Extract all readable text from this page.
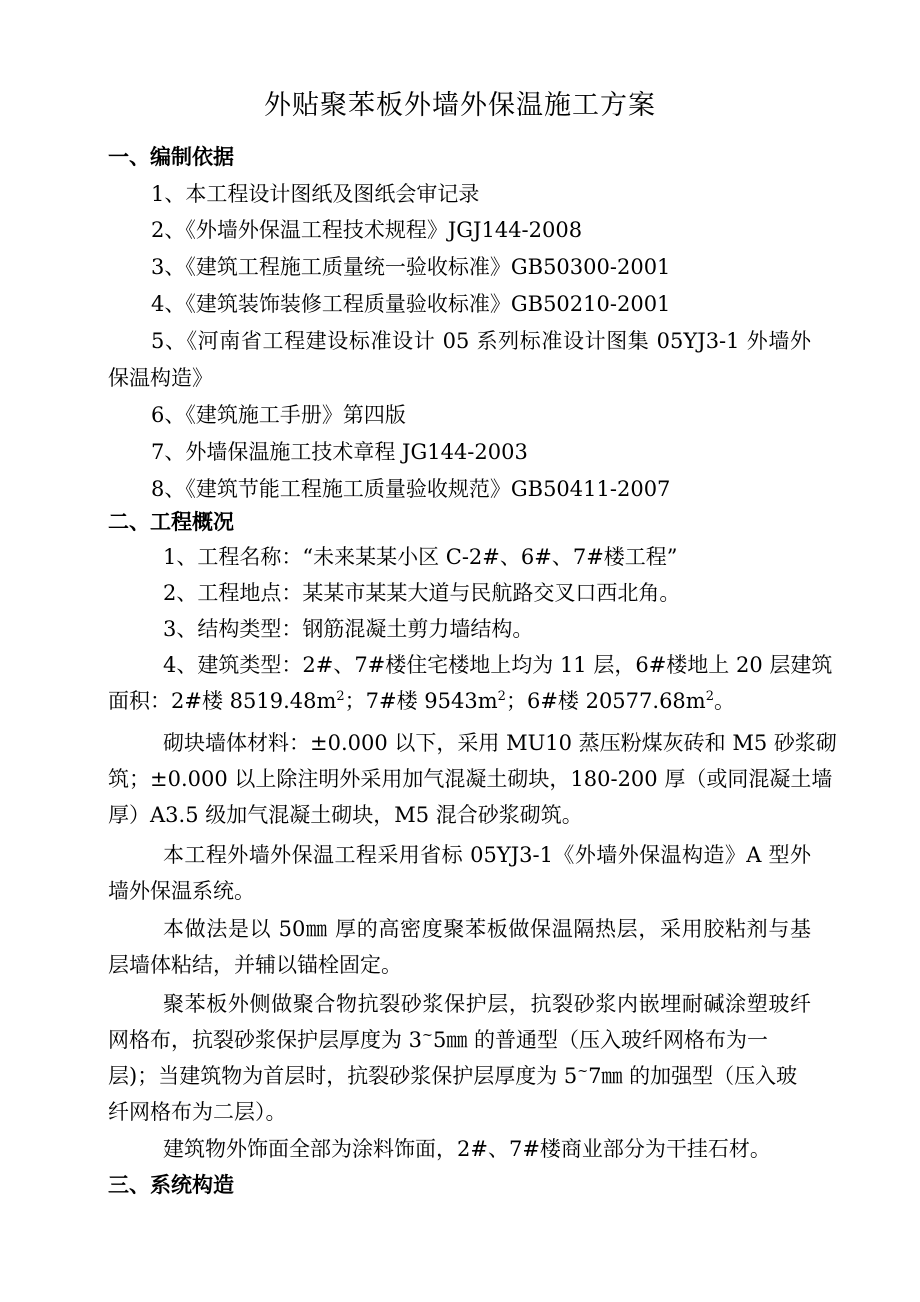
外贴聚苯板外墙外保温施工方案
一、编制依据
1、本工程设计图纸及图纸会审记录
2、《外墙外保温工程技术规程》JGJ144-2008
3、《建筑工程施工质量统一验收标准》GB50300-2001
4、《建筑装饰装修工程质量验收标准》GB50210-2001
5、《河南省工程建设标准设计 05 系列标准设计图集 05YJ3-1 外墙外
保温构造》
6、《建筑施工手册》第四版
7、外墙保温施工技术章程 JG144-2003
8、《建筑节能工程施工质量验收规范》GB50411-2007
二、工程概况
1、工程名称：“未来某某小区 C-2#、6#、7#楼工程”
2、工程地点：某某市某某大道与民航路交叉口西北角。
3、结构类型：钢筋混凝土剪力墙结构。
4、建筑类型：2#、7#楼住宅楼地上均为 11 层，6#楼地上 20 层建筑
面积：2#楼 $8519.48m^2$；7#楼 $9543m^2$；6#楼 $20577.68m^2$。
砌块墙体材料：±0.000 以下，采用 MU10 蒸压粉煤灰砖和 M5 砂浆砌
筑；±0.000 以上除注明外采用加气混凝土砌块，180-200 厚（或同混凝土墙
厚）A3.5 级加气混凝土砌块，M5 混合砂浆砌筑。
本工程外墙外保温工程采用省标 05YJ3-1《外墙外保温构造》A 型外
墙外保温系统。
本做法是以 50㎜ 厚的高密度聚苯板做保温隔热层，采用胶粘剂与基
层墙体粘结，并辅以锚栓固定。
聚苯板外侧做聚合物抗裂砂浆保护层，抗裂砂浆内嵌埋耐碱涂塑玻纤
网格布，抗裂砂浆保护层厚度为 3~5㎜ 的普通型（压入玻纤网格布为一
层)；当建筑物为首层时，抗裂砂浆保护层厚度为 5~7㎜ 的加强型（压入玻
纤网格布为二层）。
建筑物外饰面全部为涂料饰面，2#、7#楼商业部分为干挂石材。
三、系统构造
